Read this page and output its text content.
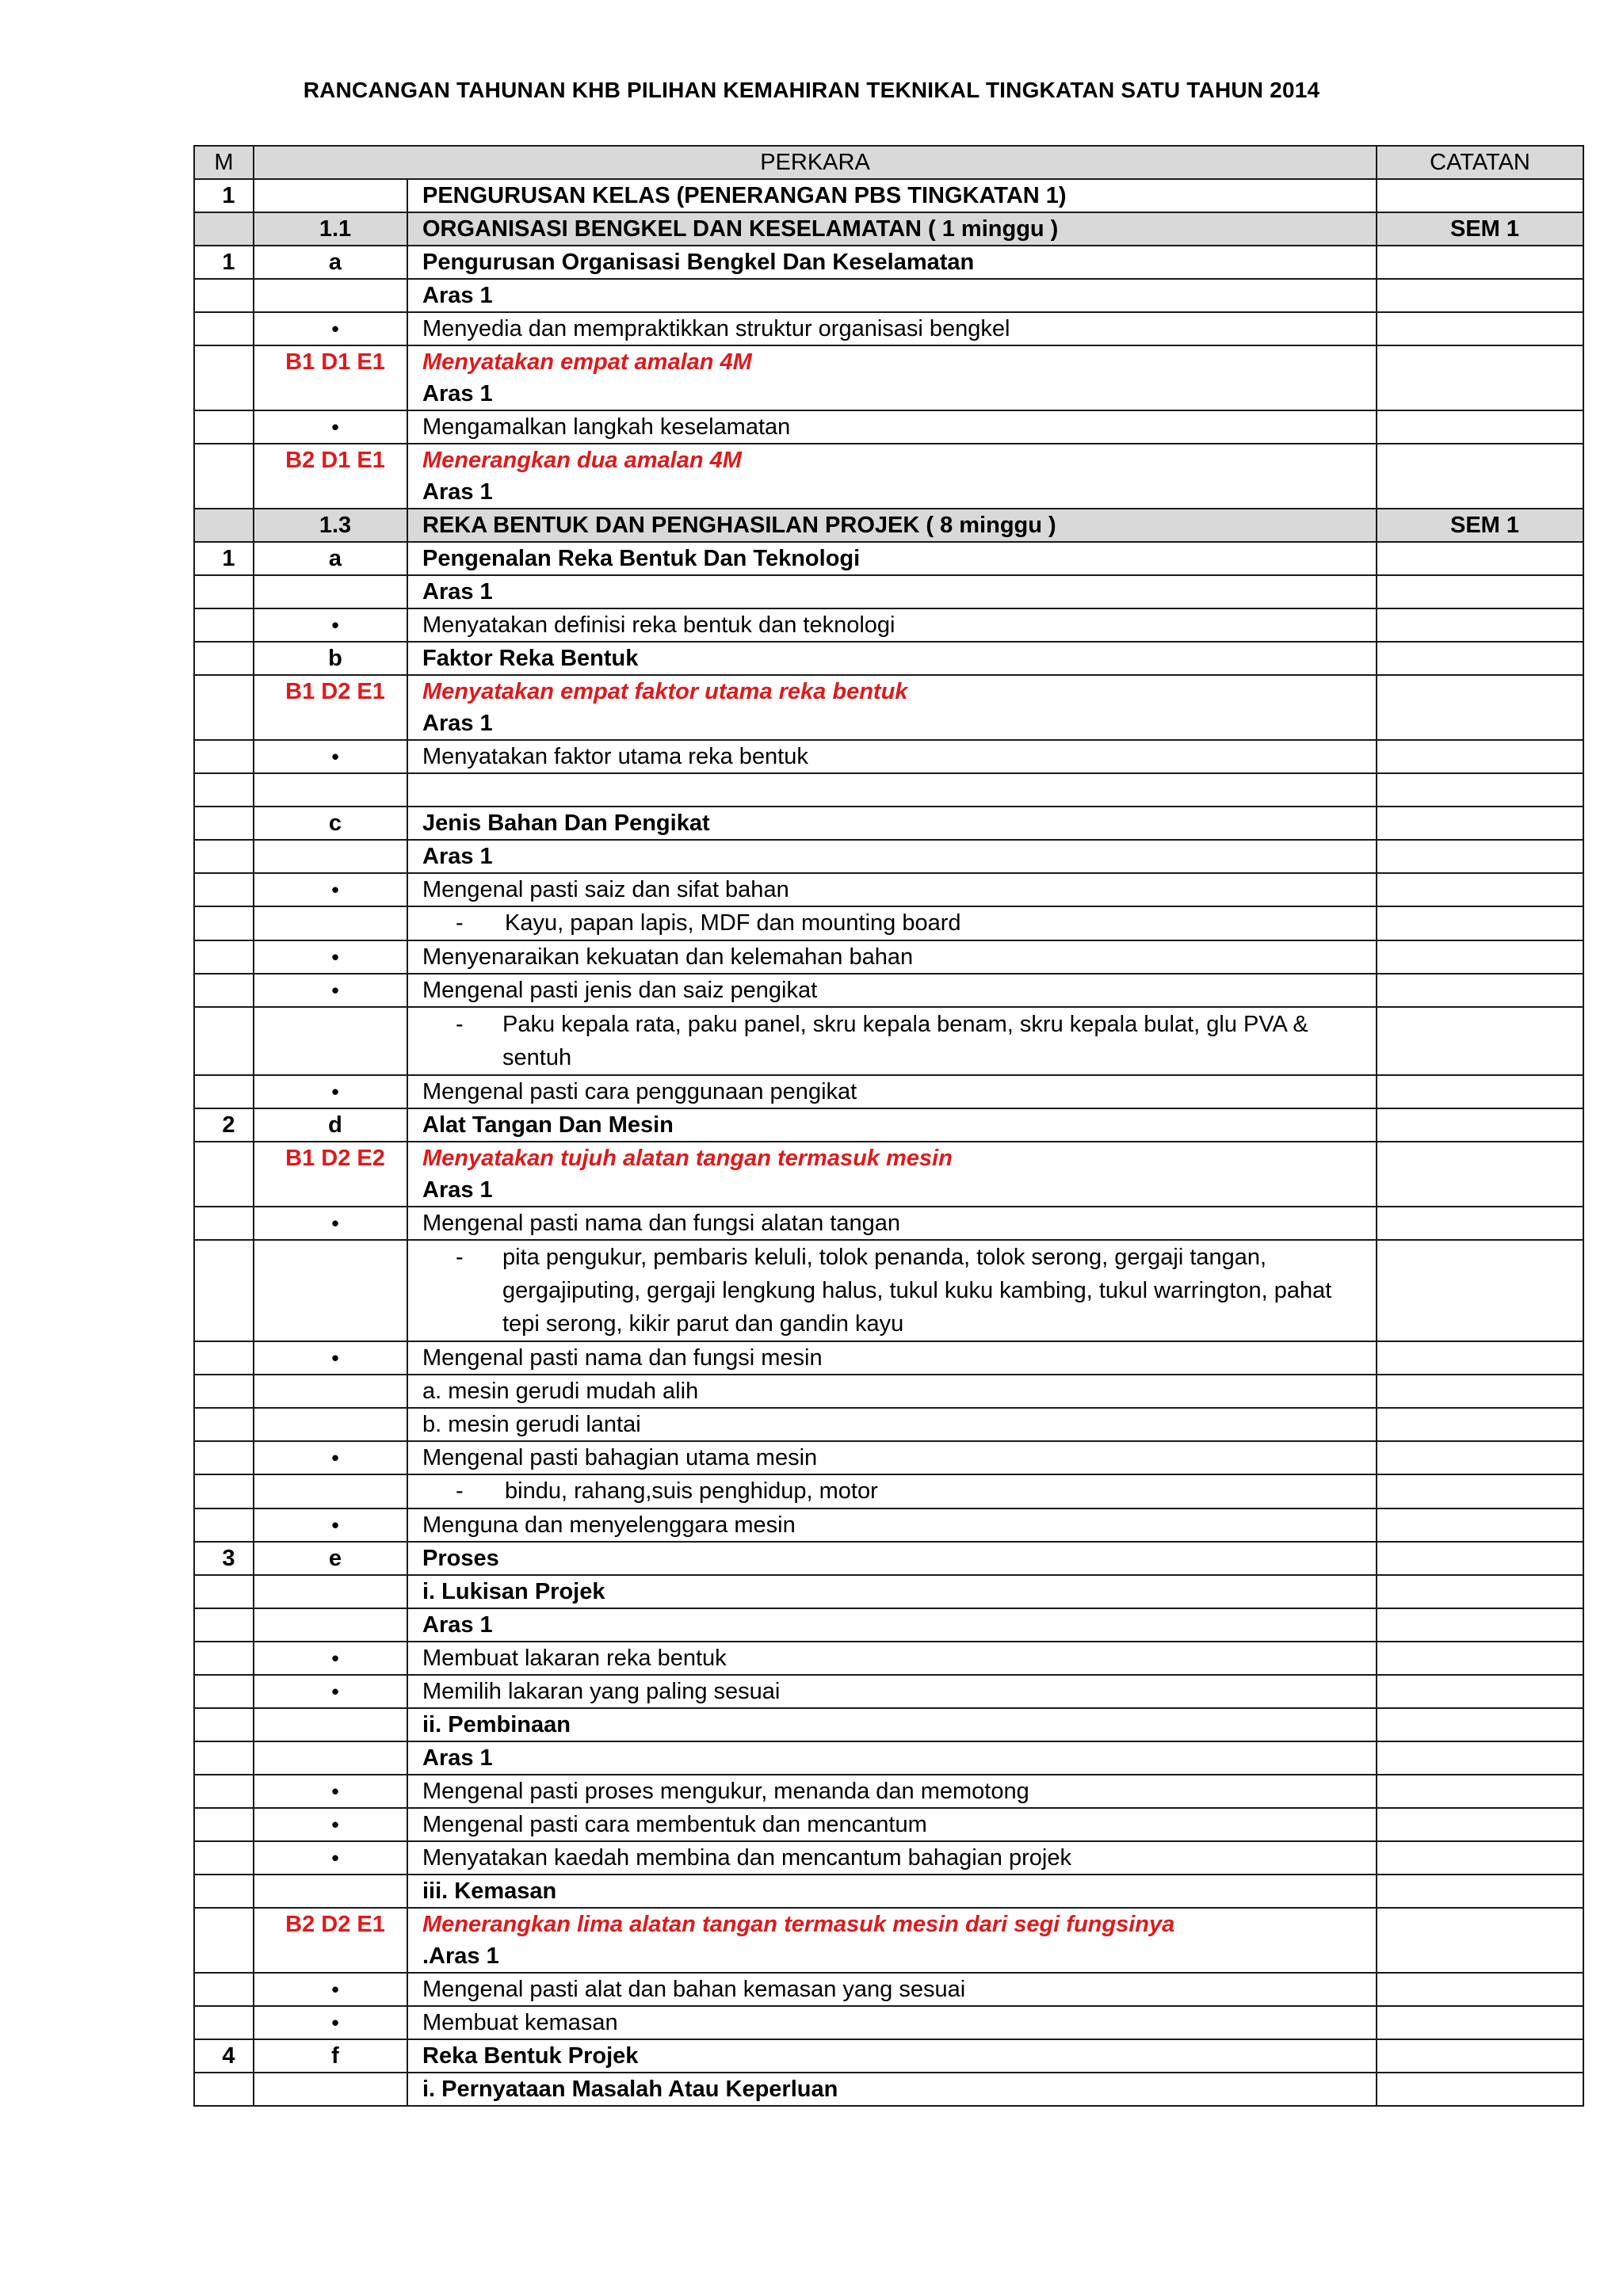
RANCANGAN TAHUNAN KHB PILIHAN KEMAHIRAN TEKNIKAL TINGKATAN SATU TAHUN 2014
M	PERKARA		CATATAN
1		PENGURUSAN KELAS (PENERANGAN PBS TINGKATAN 1)	
	1.1	ORGANISASI BENGKEL DAN KESELAMATAN ( 1 minggu )	SEM 1
1	a	Pengurusan Organisasi Bengkel Dan Keselamatan	
		Aras 1	
	•	Menyedia dan mempraktikkan struktur organisasi bengkel	
	B1 D1 E1	Menyatakan empat amalan 4M
Aras 1	

	•	Mengamalkan langkah keselamatan	
	B2 D1 E1	Menerangkan dua amalan 4M
Aras 1	

	1.3	REKA BENTUK DAN PENGHASILAN PROJEK ( 8 minggu )	SEM 1
1	a	Pengenalan Reka Bentuk Dan Teknologi	
		Aras 1	
	•	Menyatakan definisi reka bentuk dan teknologi	
	b	Faktor Reka Bentuk	
	B1 D2 E1	Menyatakan empat faktor utama reka bentuk
Aras 1	

	•	Menyatakan faktor utama reka bentuk	

	c	Jenis Bahan Dan Pengikat	
		Aras 1	
	•	Mengenal pasti saiz dan sifat bahan	

		- Kayu, papan lapis, MDF dan mounting board	

	•	Menyenaraikan kekuatan dan kelemahan bahan	
	•	Mengenal pasti jenis dan saiz pengikat	

		- Paku kepala rata, paku panel, skru kepala benam, skru kepala bulat, glu PVA & sentuh	

	•	Mengenal pasti cara penggunaan pengikat	
2	d	Alat Tangan Dan Mesin	
	B1 D2 E2	Menyatakan tujuh alatan tangan termasuk mesin
Aras 1	

	•	Mengenal pasti nama dan fungsi alatan tangan	

		- pita pengukur, pembaris keluli, tolok penanda, tolok serong, gergaji tangan, gergajiputing, gergaji lengkung halus, tukul kuku kambing, tukul warrington, pahat tepi serong, kikir parut dan gandin kayu	

	•	Mengenal pasti nama dan fungsi mesin	
		a. mesin gerudi mudah alih	
		b. mesin gerudi lantai	
	•	Mengenal pasti bahagian utama mesin	

		- bindu, rahang,suis penghidup, motor	

	•	Menguna dan menyelenggara mesin	
3	e	Proses	
		i. Lukisan Projek	
		Aras 1	
	•	Membuat lakaran reka bentuk	
	•	Memilih lakaran yang paling sesuai	
		ii. Pembinaan	
		Aras 1	
	•	Mengenal pasti proses mengukur, menanda dan memotong	
	•	Mengenal pasti cara membentuk dan mencantum	
	•	Menyatakan kaedah membina dan mencantum bahagian projek	
		iii. Kemasan	
	B2 D2 E1	Menerangkan lima alatan tangan termasuk mesin dari segi fungsinya
.Aras 1	

	•	Mengenal pasti alat dan bahan kemasan yang sesuai	
	•	Membuat kemasan	
4	f	Reka Bentuk Projek	
		i. Pernyataan Masalah Atau Keperluan	
